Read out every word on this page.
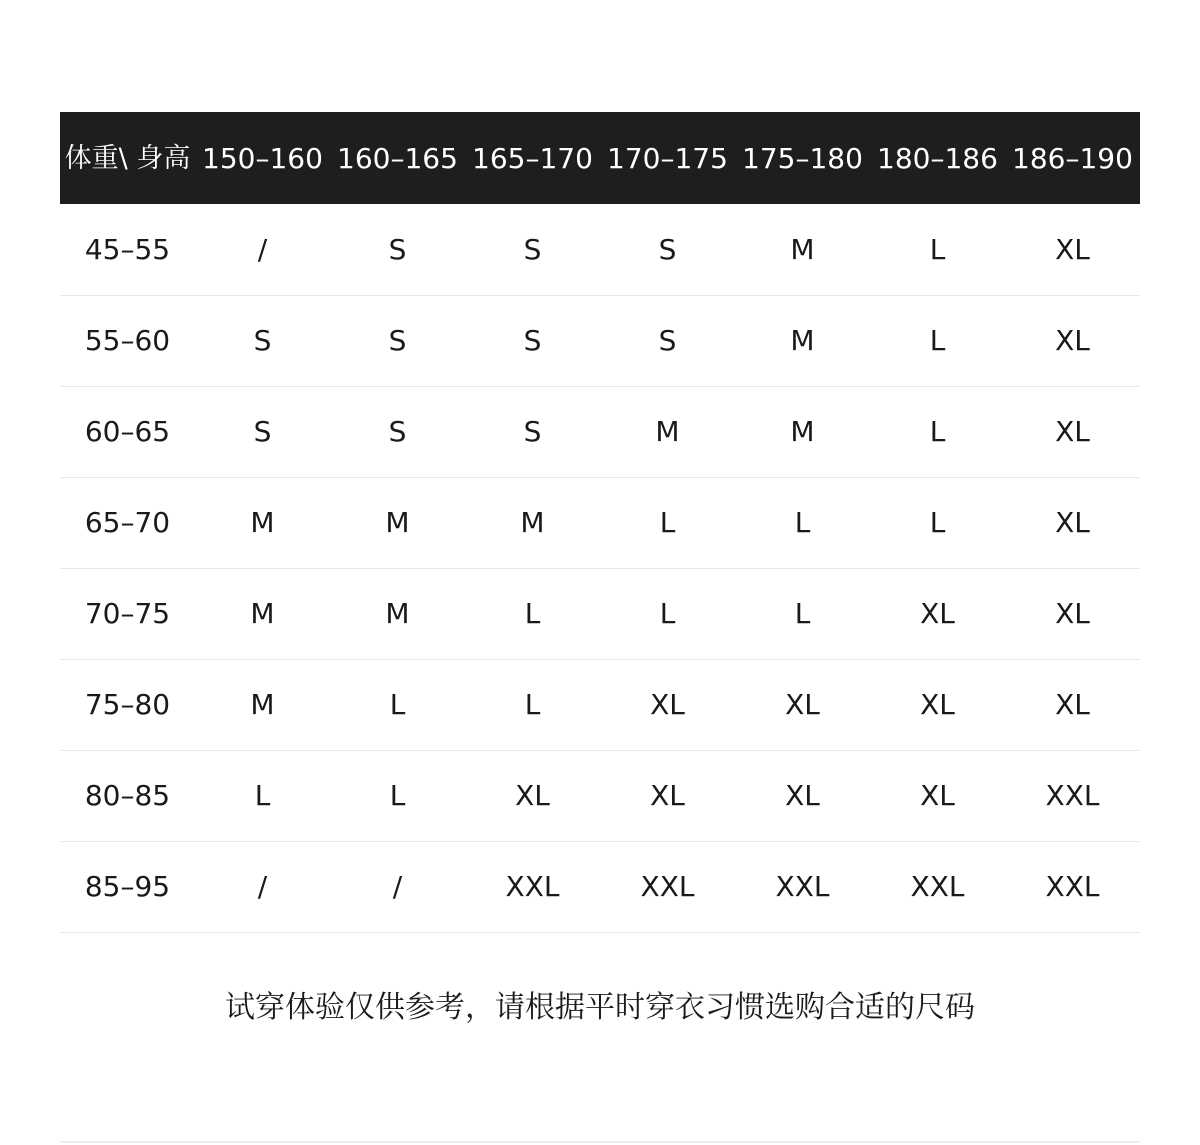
体重\ 身高	150–160	160–165	165–170	170–175	175–180	180–186	186–190
45–55	/	S	S	S	M	L	XL
55–60	S	S	S	S	M	L	XL
60–65	S	S	S	M	M	L	XL
65–70	M	M	M	L	L	L	XL
70–75	M	M	L	L	L	XL	XL
75–80	M	L	L	XL	XL	XL	XL
80–85	L	L	XL	XL	XL	XL	XXL
85–95	/	/	XXL	XXL	XXL	XXL	XXL
试穿体验仅供参考，请根据平时穿衣习惯选购合适的尺码
